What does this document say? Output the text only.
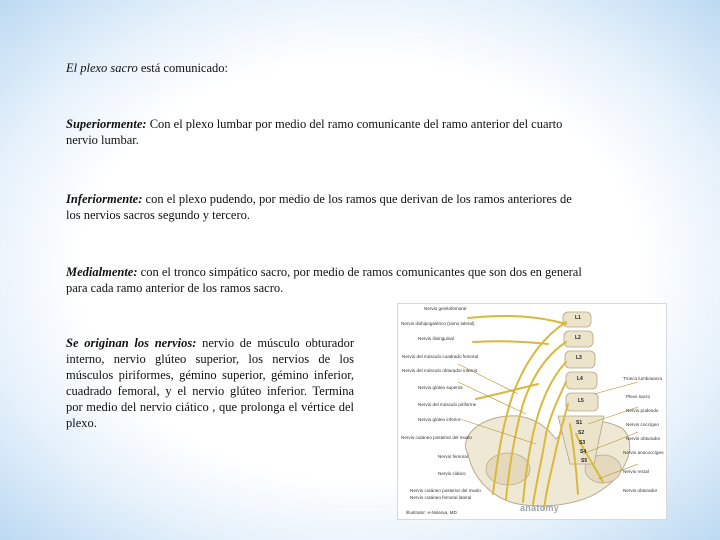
El plexo sacro está comunicado:
Superiormente: Con el plexo lumbar por medio del ramo comunicante del ramo anterior del cuarto nervio lumbar.
Inferiormente: con el plexo pudendo, por medio de los ramos que derivan de los ramos anteriores de los nervios sacros segundo y tercero.
Medialmente: con el tronco simpático sacro, por medio de ramos comunicantes que son dos en general para cada ramo anterior de los ramos sacro.
Se originan los nervios: nervio de músculo obturador interno, nervio glúteo superior, los nervios de los músculos piriformes, gémino superior, gémino inferior, cuadrado femoral, y el nervio glúteo inferior. Termina por medio del nervio ciático , que prolonga el vértice del plexo.
L1
L2
L3
L4
L5
S1
S2
S3
S4
S5
Nervio genitofemoral
Nervio iliohipogástrico (ramo lateral)
Nervio ilioinguinal
Nervio del músculo cuadrado femoral
Nervio del músculo obturador interno
Nervio glúteo superior
Nervio del músculo piriforme
Nervio glúteo inferior
Nervio cutáneo posterior del muslo
Nervio femoral
Nervio ciático
Nervio cutáneo posterior del muslo
Nervio cutáneo femoral lateral
Tronco lumbosacro
Plexo sacro
Nervio pudendo
Nervio coccígeo
Nervio obturador
Nervio anococcígeo
Nervio rectal
Nervio obturador
Illustrator: e-Nisarva, MD	anatomy
